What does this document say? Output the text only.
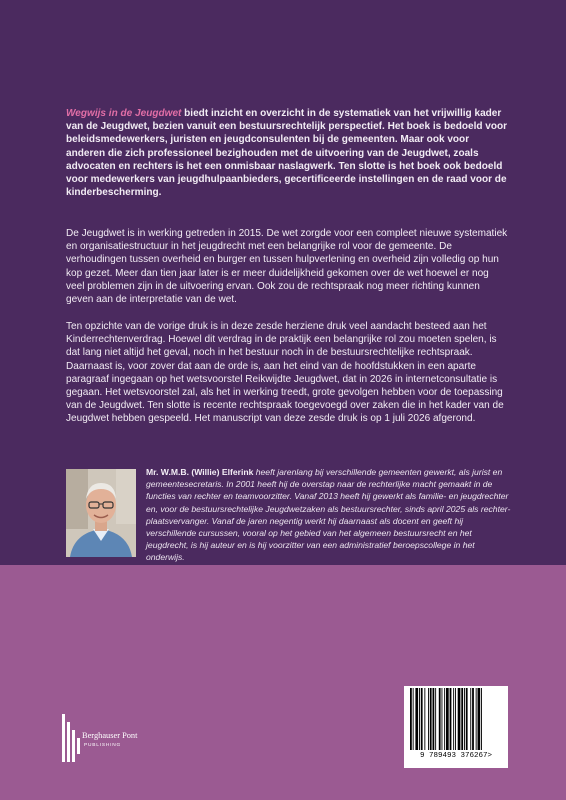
Wegwijs in de Jeugdwet biedt inzicht en overzicht in de systematiek van het vrijwillig kader van de Jeugdwet, bezien vanuit een bestuursrechtelijk perspectief. Het boek is bedoeld voor beleidsmedewerkers, juristen en jeugdconsulenten bij de gemeenten. Maar ook voor anderen die zich professioneel bezighouden met de uitvoering van de Jeugdwet, zoals advocaten en rechters is het een onmisbaar naslagwerk. Ten slotte is het boek ook bedoeld voor medewerkers van jeugdhulpaanbieders, gecertificeerde instellingen en de raad voor de kinderbescherming.

De Jeugdwet is in werking getreden in 2015. De wet zorgde voor een compleet nieuwe systematiek en organisatiestructuur in het jeugdrecht met een belangrijke rol voor de gemeente. De verhoudingen tussen overheid en burger en tussen hulpverlening en overheid zijn volledig op hun kop gezet. Meer dan tien jaar later is er meer duidelijkheid gekomen over de wet hoewel er nog veel problemen zijn in de uitvoering ervan. Ook zou de rechtspraak nog meer richting kunnen geven aan de interpretatie van de wet.

Ten opzichte van de vorige druk is in deze zesde herziene druk veel aandacht besteed aan het Kinderrechtenverdrag. Hoewel dit verdrag in de praktijk een belangrijke rol zou moeten spelen, is dat lang niet altijd het geval, noch in het bestuur noch in de bestuursrechtelijke rechtspraak. Daarnaast is, voor zover dat aan de orde is, aan het eind van de hoofdstukken in een aparte paragraaf ingegaan op het wetsvoorstel Reikwijdte Jeugdwet, dat in 2026 in internetconsultatie is gegaan. Het wetsvoorstel zal, als het in werking treedt, grote gevolgen hebben voor de toepassing van de Jeugdwet. Ten slotte is recente rechtspraak toegevoegd over zaken die in het kader van de Jeugdwet hebben gespeeld. Het manuscript van deze zesde druk is op 1 juli 2026 afgerond.

Mr. W.M.B. (Willie) Elferink heeft jarenlang bij verschillende gemeenten gewerkt, als jurist en gemeentesecretaris. In 2001 heeft hij de overstap naar de rechterlijke macht gemaakt in de functies van rechter en teamvoorzitter. Vanaf 2013 heeft hij gewerkt als familie- en jeugdrechter en, voor de bestuursrechtelijke Jeugdwetzaken als bestuursrechter, sinds april 2025 als rechter-plaatsvervanger. Vanaf de jaren negentig werkt hij daarnaast als docent en geeft hij verschillende cursussen, vooral op het gebied van het algemeen bestuursrecht en het jeugdrecht, is hij auteur en is hij voorzitter van een administratief beroepscollege in het onderwijs.
Berghauser Pont
PUBLISHING
9 789493 376267>
